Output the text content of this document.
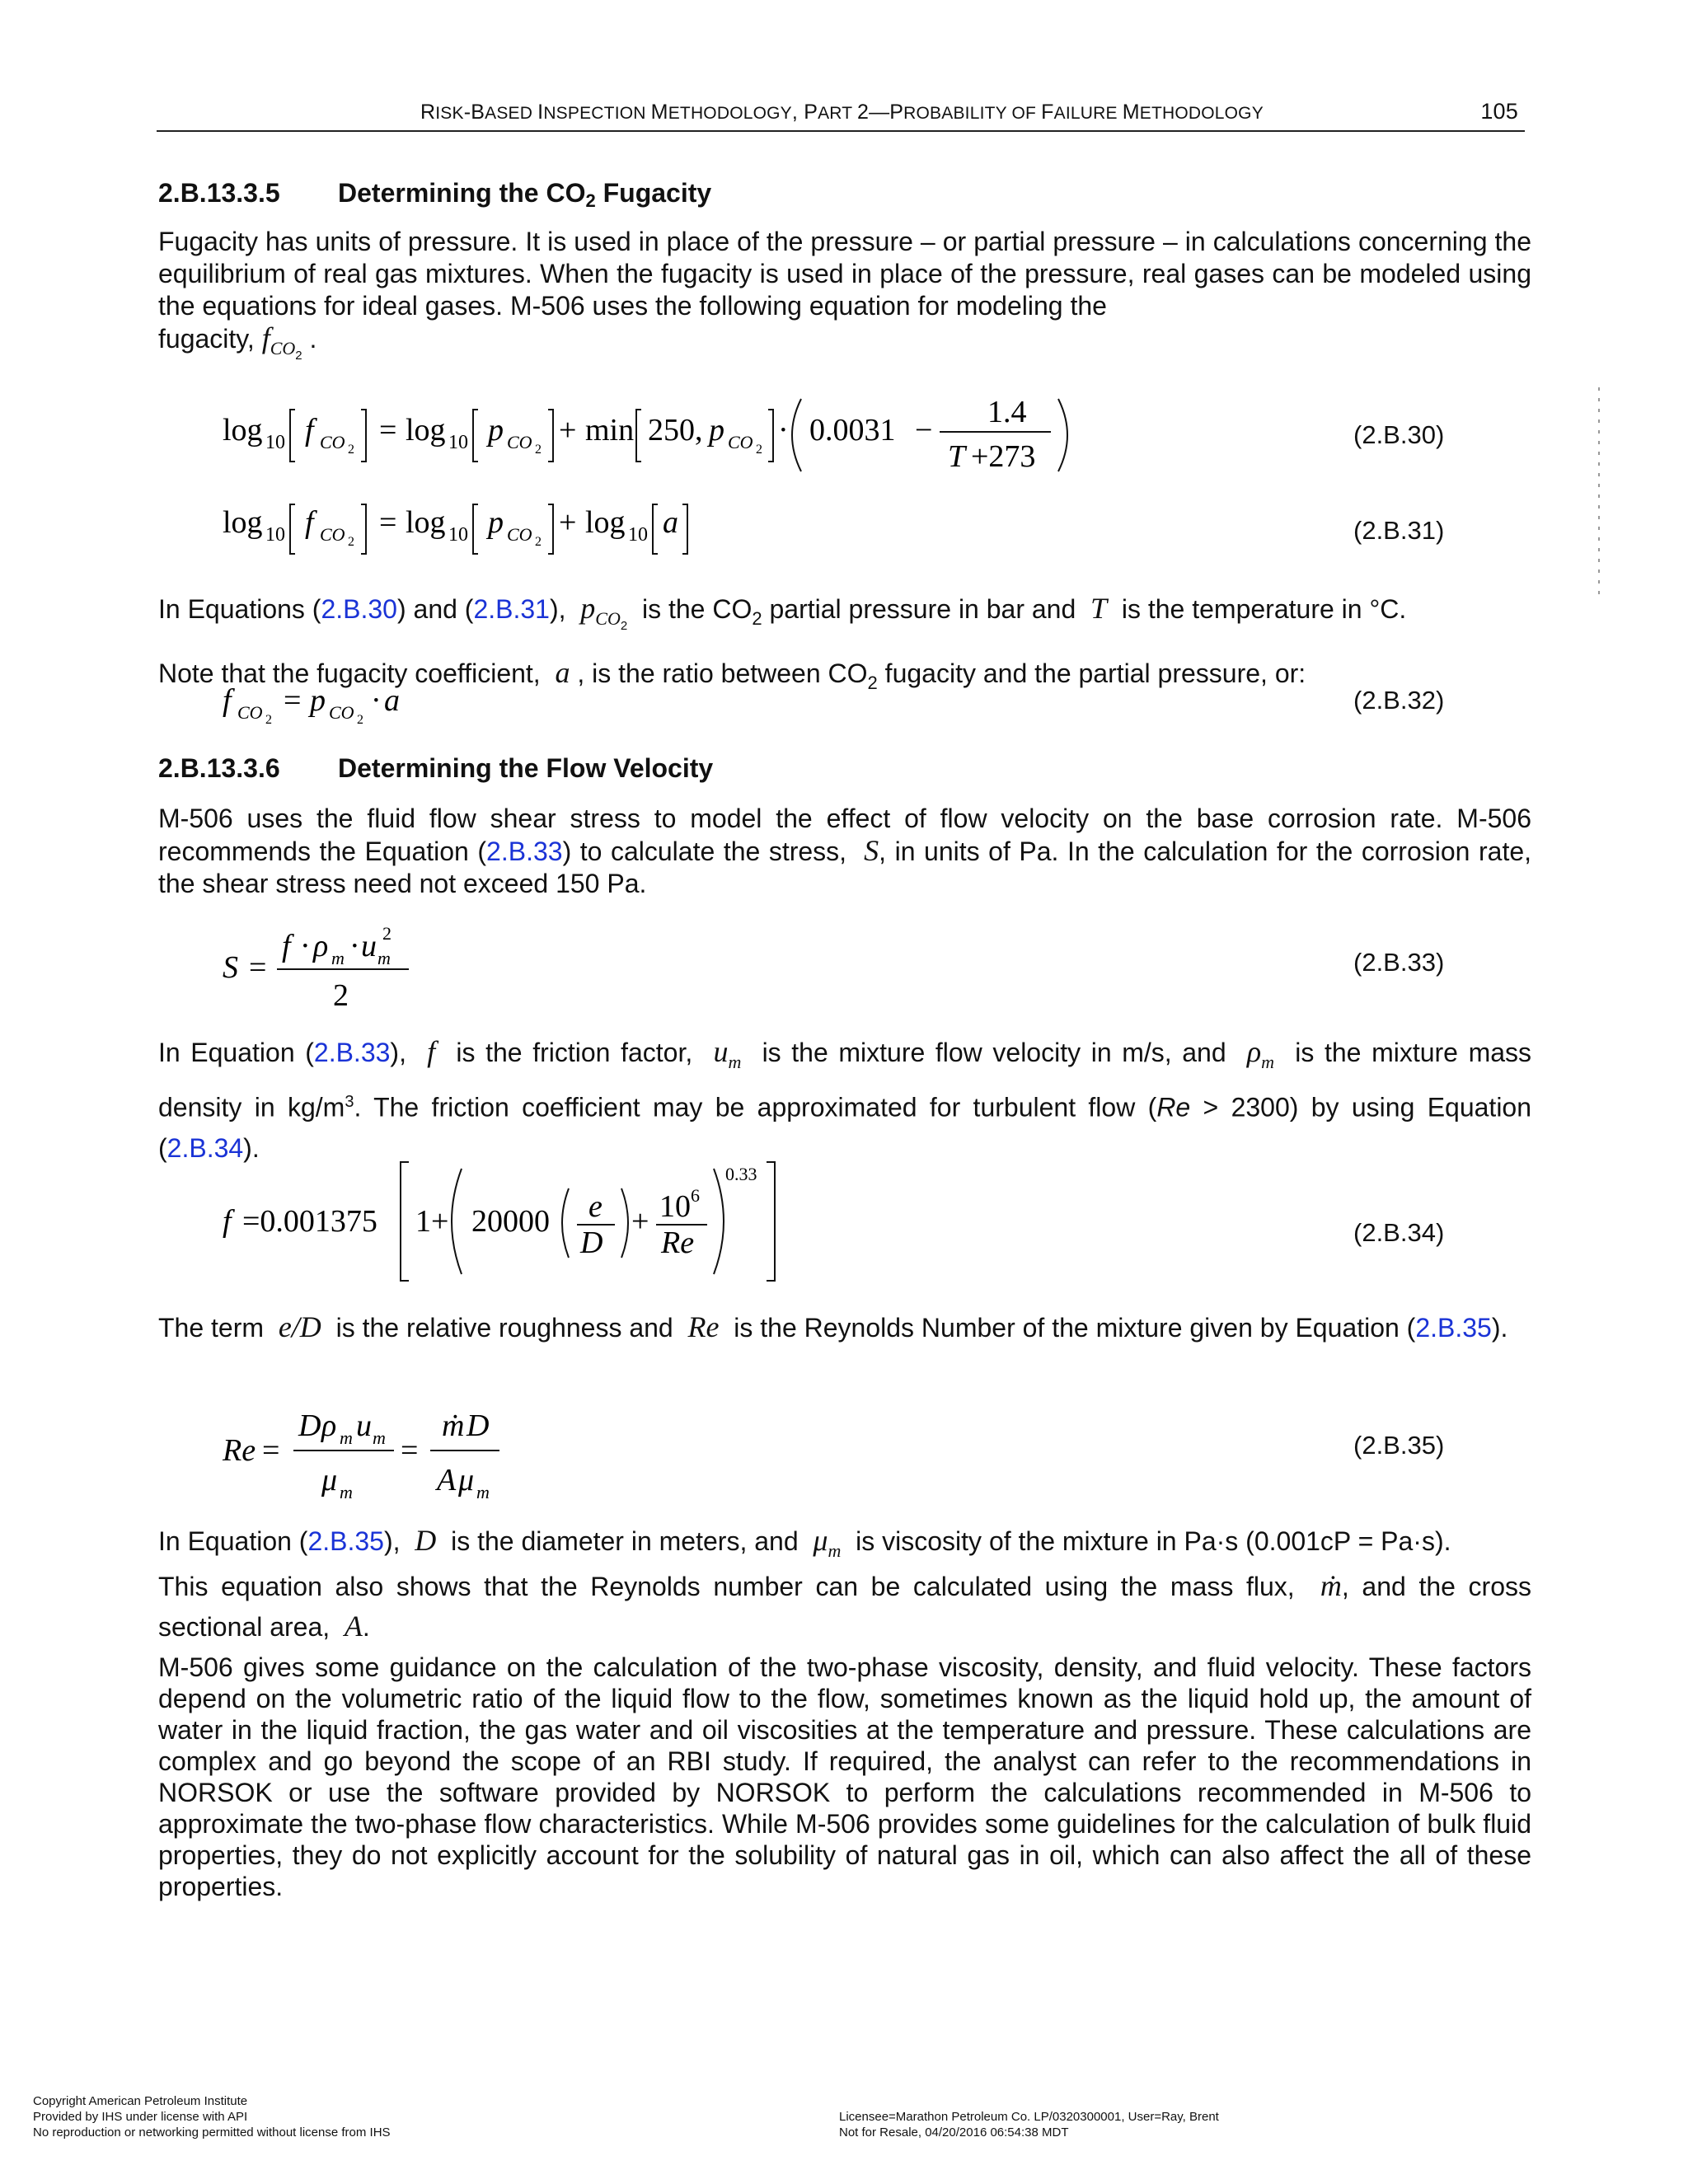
RISK-BASED INSPECTION METHODOLOGY, PART 2—PROBABILITY OF FAILURE METHODOLOGY	105
2.B.13.3.5 Determining the $CO_2$ Fugacity
Fugacity has units of pressure. It is used in place of the pressure – or partial pressure – in calculations concerning the equilibrium of real gas mixtures. When the fugacity is used in place of the pressure, real gases can be modeled using the equations for ideal gases. M-506 uses the following equation for modeling the
fugacity, $f_{CO_2}$ .
log 10 f CO 2
= log 10 p CO 2
+ min 250, p CO 2
· 0.0031 −
1.4
T +273
(2.B.30)
log 10 f CO 2
= log 10 p CO 2
+ log 10 a	(2.B.31)
In Equations (2.B.30) and (2.B.31), $p_{CO_2}$  is the $CO_2$ partial pressure in bar and T is the temperature in °C.
Note that the fugacity coefficient, a , is the ratio between $CO_2$ fugacity and the partial pressure, or:
f CO 2
= p CO 2
· a	(2.B.32)
2.B.13.3.6 Determining the Flow Velocity
M-506 uses the fluid flow shear stress to model the effect of flow velocity on the base corrosion rate. M-506 recommends the Equation (2.B.33) to calculate the stress, S, in units of Pa. In the calculation for the corrosion rate, the shear stress need not exceed 150 Pa.
S =
f · ρ m · u m
2
2
(2.B.33)
In Equation (2.B.33), f is the friction factor, $u_m$ is the mixture flow velocity in m/s, and $\rho_m$ is the mixture mass density in $kg/m^3$. The friction coefficient may be approximated for turbulent flow (Re > 2300) by using Equation (2.B.34).
f =0.001375 1+ 20000 e
D
+ 10 6
Re
0.33
(2.B.34)
The term e/D is the relative roughness and Re is the Reynolds Number of the mixture given by Equation (2.B.35).
Re =
D ρ m u m
μ m
=
ṁ D
A μ m
(2.B.35)
In Equation (2.B.35), D is the diameter in meters, and $\mu_m$ is viscosity of the mixture in Pa·s (0.001cP = Pa·s).
This equation also shows that the Reynolds number can be calculated using the mass flux, ṁ, and the cross sectional area, A.
M-506 gives some guidance on the calculation of the two-phase viscosity, density, and fluid velocity. These factors depend on the volumetric ratio of the liquid flow to the flow, sometimes known as the liquid hold up, the amount of water in the liquid fraction, the gas water and oil viscosities at the temperature and pressure. These calculations are complex and go beyond the scope of an RBI study. If required, the analyst can refer to the recommendations in NORSOK or use the software provided by NORSOK to perform the calculations recommended in M-506 to approximate the two-phase flow characteristics. While M-506 provides some guidelines for the calculation of bulk fluid properties, they do not explicitly account for the solubility of natural gas in oil, which can also affect the all of these properties.
Copyright American Petroleum Institute
Provided by IHS under license with API
No reproduction or networking permitted without license from IHS
Licensee=Marathon Petroleum Co. LP/0320300001, User=Ray, Brent
Not for Resale, 04/20/2016 06:54:38 MDT
